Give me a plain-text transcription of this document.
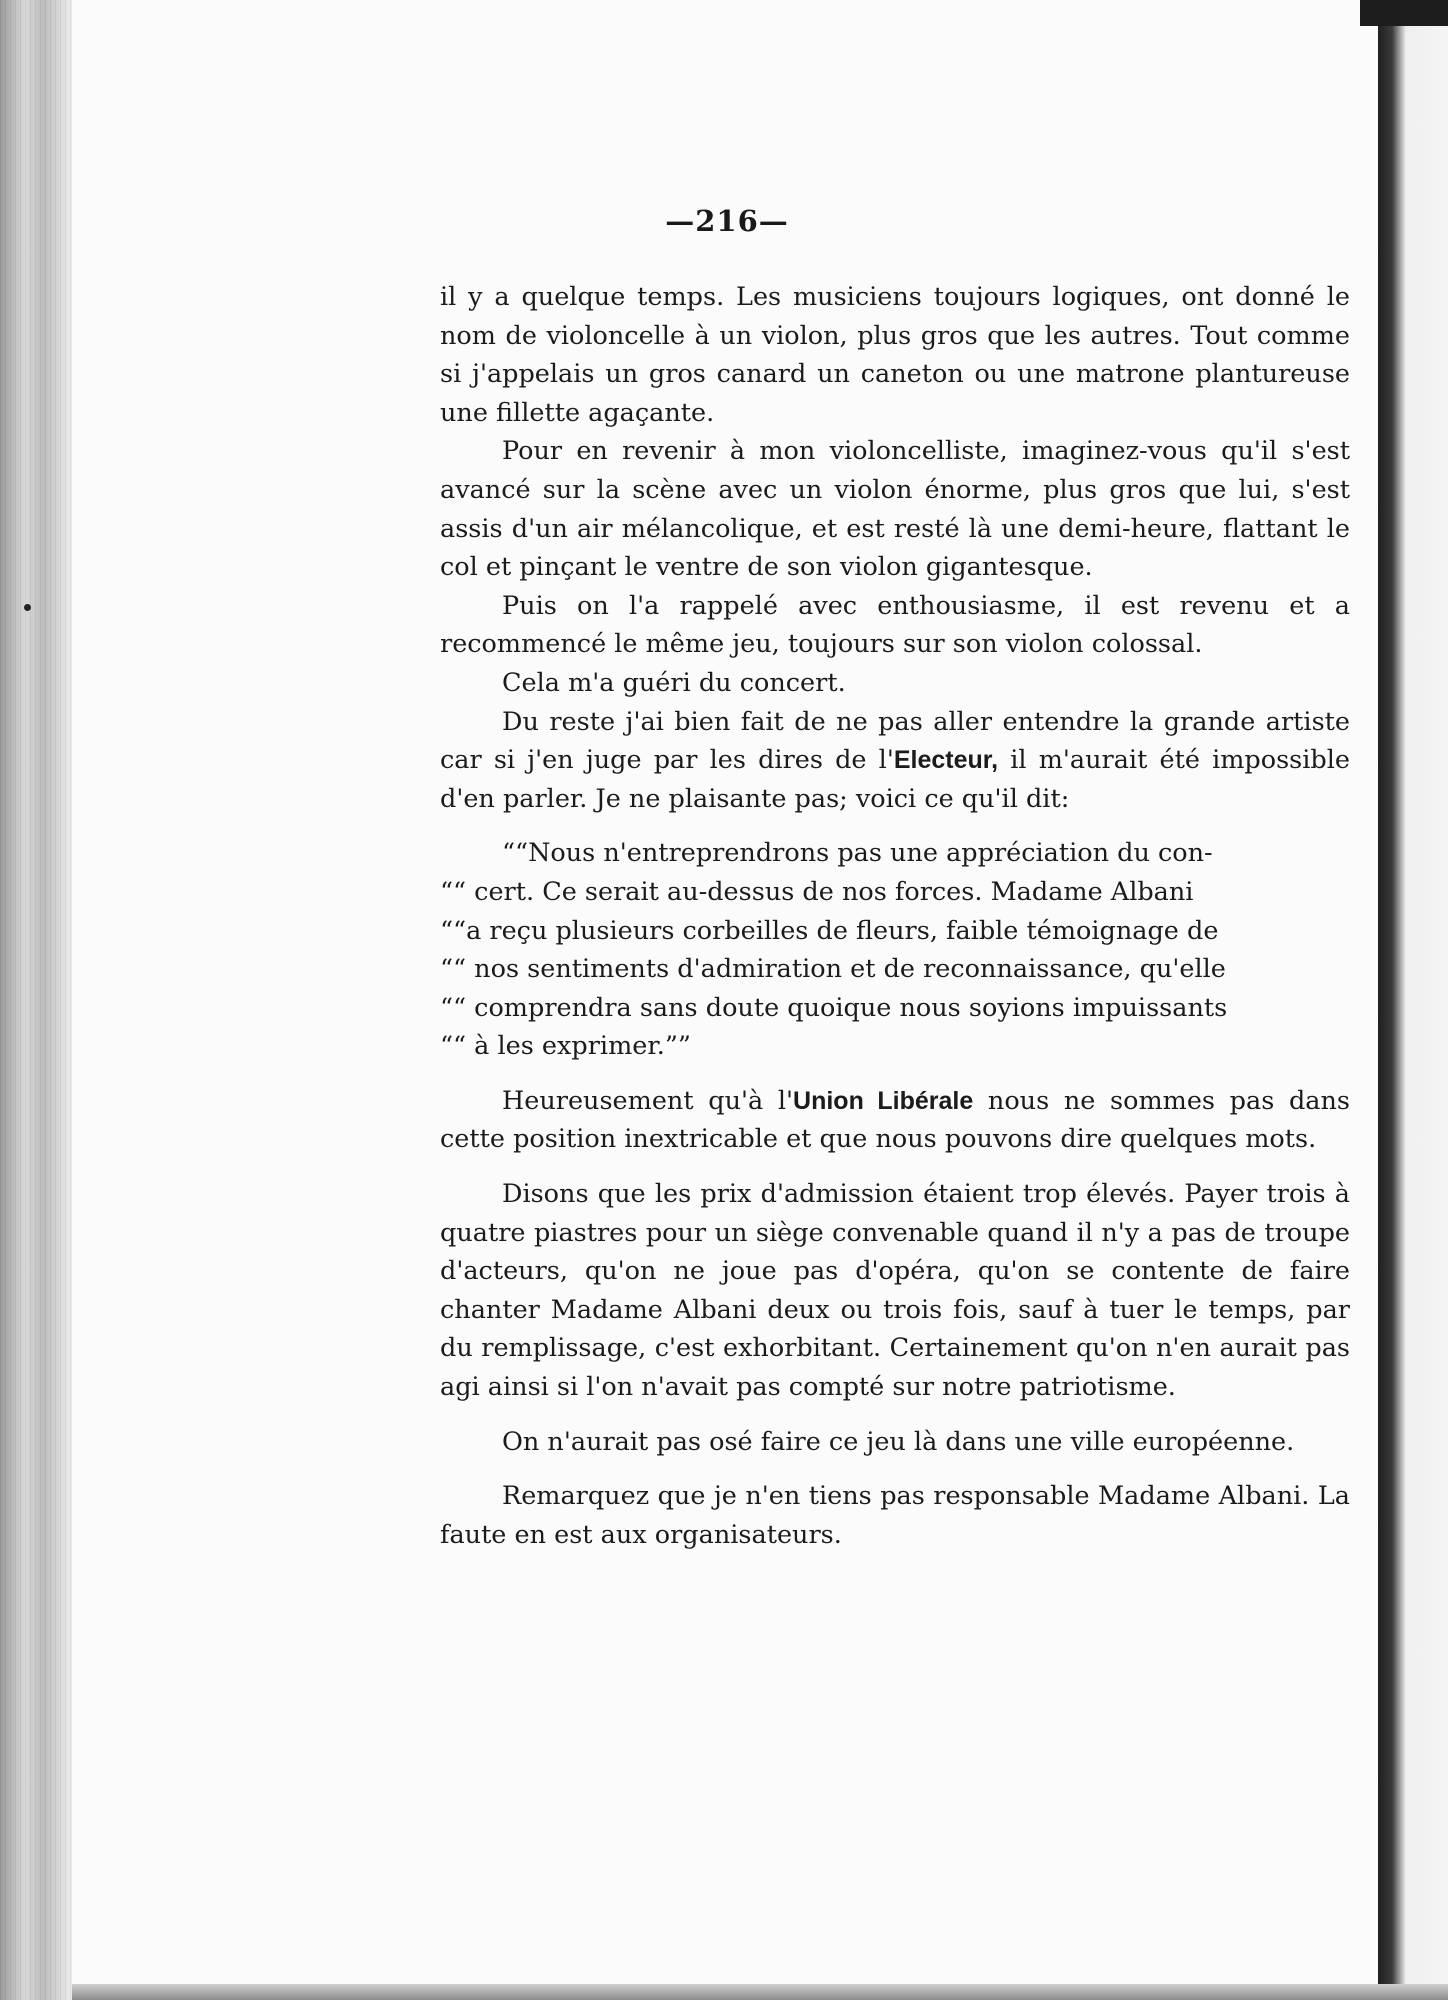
—216—

il y a quelque temps. Les musiciens toujours logiques, ont donné le nom de violoncelle à un violon, plus gros que les autres. Tout comme si j'appelais un gros canard un caneton ou une matrone plantureuse une fillette agaçante.

Pour en revenir à mon violoncelliste, imaginez-vous qu'il s'est avancé sur la scène avec un violon énorme, plus gros que lui, s'est assis d'un air mélancolique, et est resté là une demi-heure, flattant le col et pinçant le ventre de son violon gigantesque.

Puis on l'a rappelé avec enthousiasme, il est revenu et a recommencé le même jeu, toujours sur son violon colossal.

Cela m'a guéri du concert.

Du reste j'ai bien fait de ne pas aller entendre la grande artiste car si j'en juge par les dires de l'Electeur, il m'aurait été impossible d'en parler. Je ne plaisante pas; voici ce qu'il dit:

““Nous n'entreprendrons pas une appréciation du con-

““ cert. Ce serait au-dessus de nos forces. Madame Albani

““a reçu plusieurs corbeilles de fleurs, faible témoignage de

““ nos sentiments d'admiration et de reconnaissance, qu'elle

““ comprendra sans doute quoique nous soyions impuissants

““ à les exprimer.””

Heureusement qu'à l'Union Libérale nous ne sommes pas dans cette position inextricable et que nous pouvons dire quelques mots.

Disons que les prix d'admission étaient trop élevés. Payer trois à quatre piastres pour un siège convenable quand il n'y a pas de troupe d'acteurs, qu'on ne joue pas d'opéra, qu'on se contente de faire chanter Madame Albani deux ou trois fois, sauf à tuer le temps, par du remplissage, c'est exhorbitant. Certainement qu'on n'en aurait pas agi ainsi si l'on n'avait pas compté sur notre patriotisme.

On n'aurait pas osé faire ce jeu là dans une ville européenne.

Remarquez que je n'en tiens pas responsable Madame Albani. La faute en est aux organisateurs.
